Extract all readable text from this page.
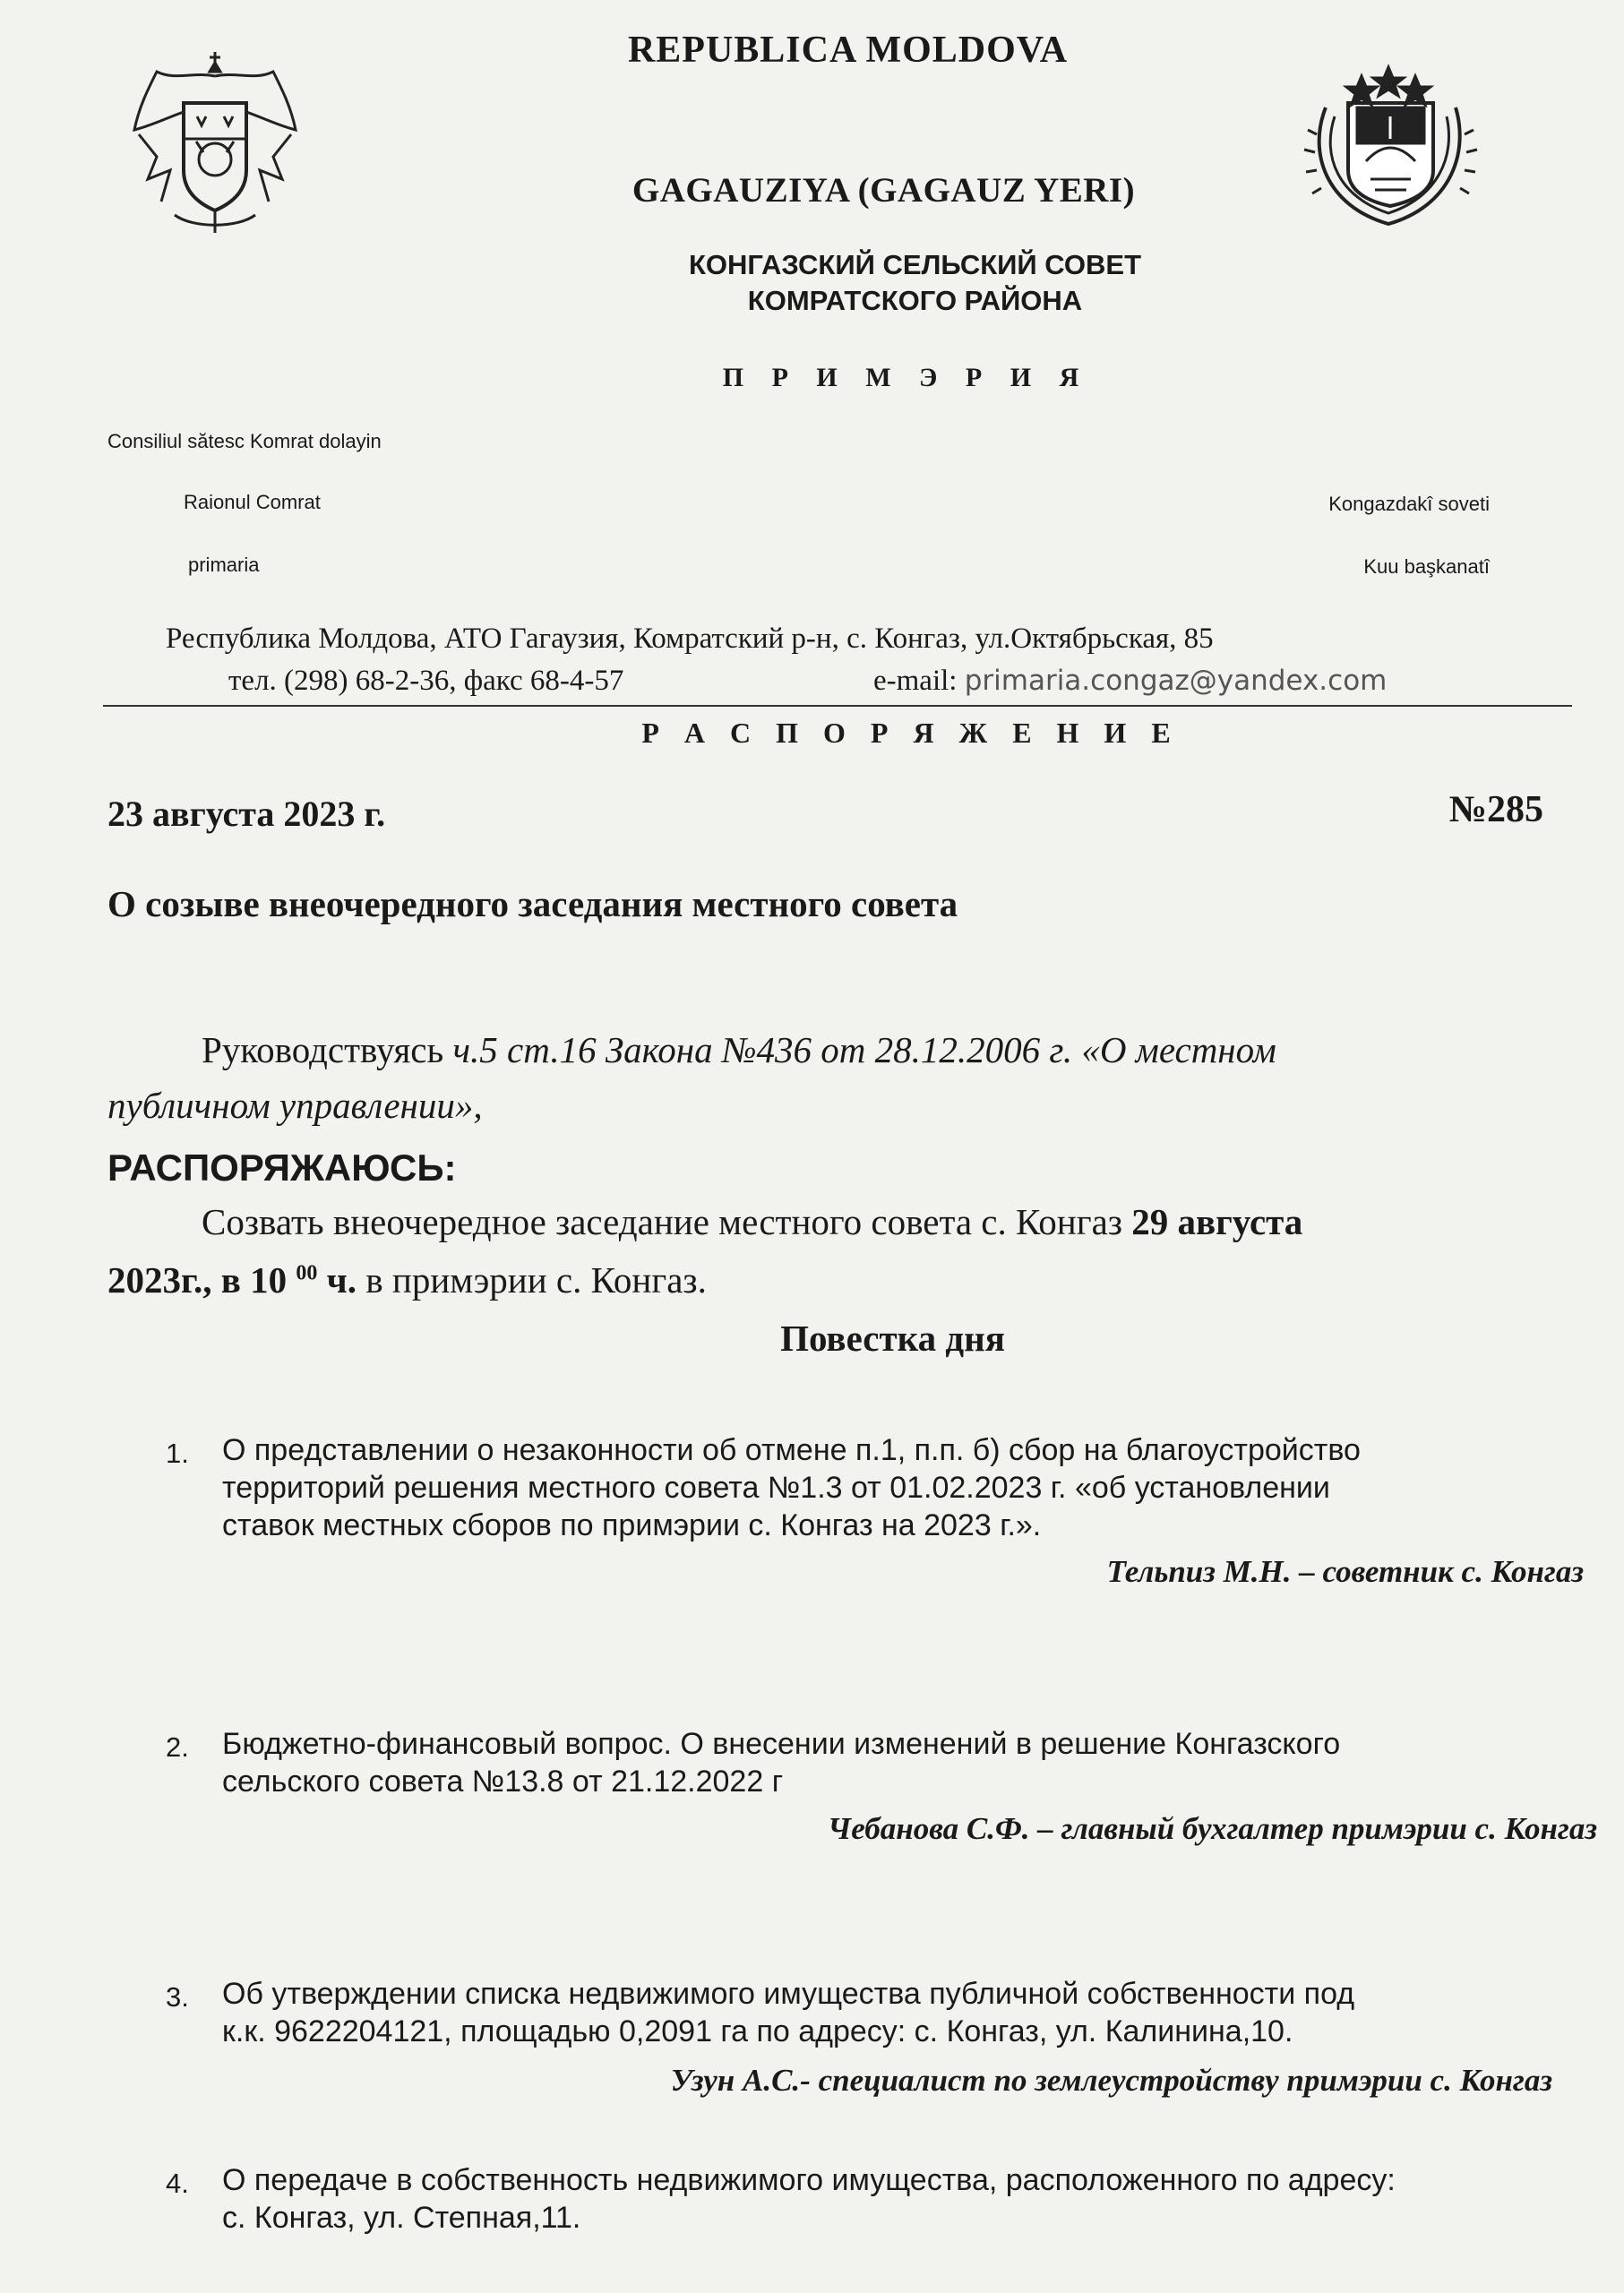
REPUBLICA MOLDOVA
GAGAUZIYA (GAGAUZ YERI)
КОНГАЗСКИЙ СЕЛЬСКИЙ СОВЕТ
КОМРАТСКОГО РАЙОНА
П Р И М Э Р И Я
Consiliul sătesc Komrat dolayin
Raionul Comrat
primaria
Kongazdakî soveti
Kuu başkanatî
Республика Молдова, АТО Гагаузия, Комратский р-н, с. Конгаз, ул.Октябрьская, 85
тел. (298) 68-2-36, факс 68-4-57	e-mail: primaria.congaz@yandex.com
Р А С П О Р Я Ж Е Н И Е
23 августа 2023 г.	№285
О созыве внеочередного заседания местного совета
Руководствуясь ч.5 ст.16 Закона №436 от 28.12.2006 г. «О местном
публичном управлении»,
РАСПОРЯЖАЮСЬ:
Созвать внеочередное заседание местного совета с. Конгаз 29 августа
2023г., в 10 $^{00}$ ч. в примэрии с. Конгаз.
Повестка дня
1. О представлении о незаконности об отмене п.1, п.п. б) сбор на благоустройство
территорий решения местного совета №1.3 от 01.02.2023 г. «об установлении
ставок местных сборов по примэрии с. Конгаз на 2023 г.».
Тельпиз М.Н. – советник с. Конгаз
2. Бюджетно-финансовый вопрос. О внесении изменений в решение Конгазского
сельского совета №13.8 от 21.12.2022 г
Чебанова С.Ф. – главный бухгалтер примэрии с. Конгаз
3. Об утверждении списка недвижимого имущества публичной собственности под
к.к. 9622204121, площадью 0,2091 га по адресу: с. Конгаз, ул. Калинина,10.
Узун А.С.- специалист по землеустройству примэрии с. Конгаз
4. О передаче в собственность недвижимого имущества, расположенного по адресу:
с. Конгаз, ул. Степная,11.
